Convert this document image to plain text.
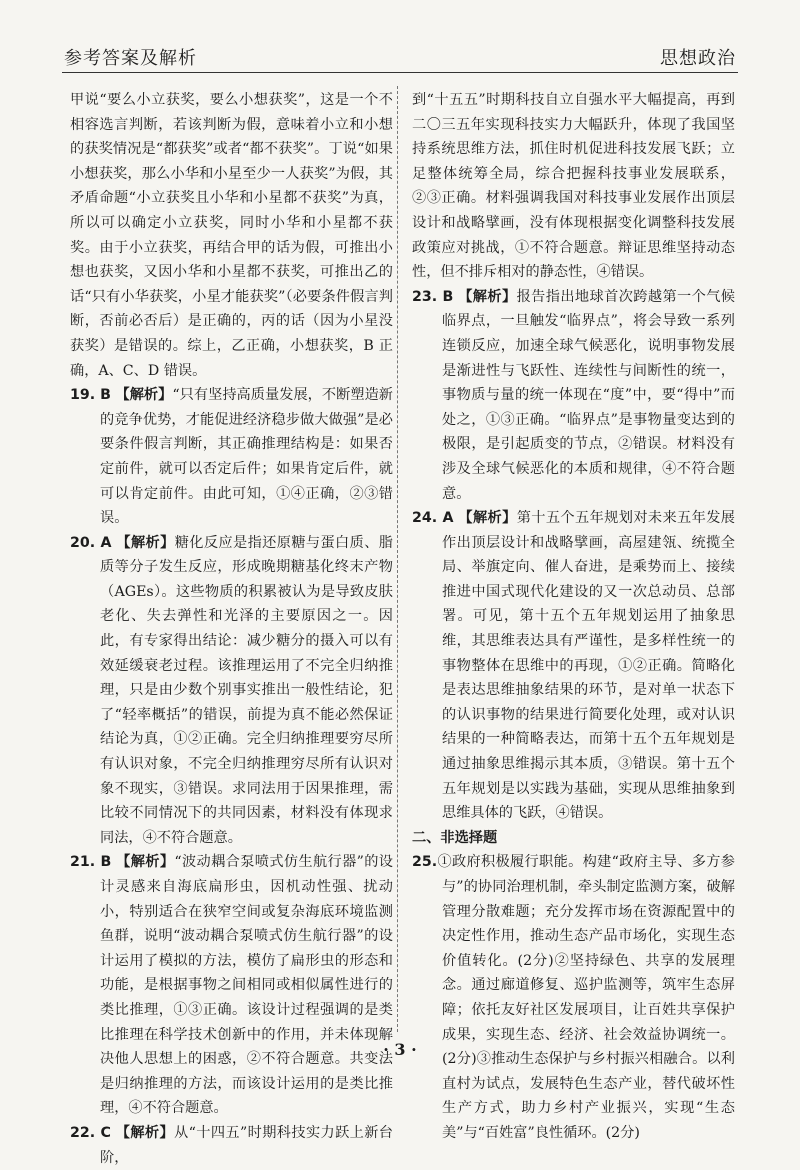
参考答案及解析	思想政治

甲说“要么小立获奖，要么小想获奖”，这是一个不相容选言判断，若该判断为假，意味着小立和小想的获奖情况是“都获奖”或者“都不获奖”。丁说“如果小想获奖，那么小华和小星至少一人获奖”为假，其矛盾命题“小立获奖且小华和小星都不获奖”为真，所以可以确定小立获奖，同时小华和小星都不获奖。由于小立获奖，再结合甲的话为假，可推出小想也获奖，又因小华和小星都不获奖，可推出乙的话“只有小华获奖，小星才能获奖”（必要条件假言判断，否前必否后）是正确的，丙的话（因为小星没获奖）是错误的。综上，乙正确，小想获奖，B 正确，A、C、D 错误。

19. B 【解析】“只有坚持高质量发展，不断塑造新的竞争优势，才能促进经济稳步做大做强”是必要条件假言判断，其正确推理结构是：如果否定前件，就可以否定后件；如果肯定后件，就可以肯定前件。由此可知，①④正确，②③错误。

20. A 【解析】糖化反应是指还原糖与蛋白质、脂质等分子发生反应，形成晚期糖基化终末产物（AGEs）。这些物质的积累被认为是导致皮肤老化、失去弹性和光泽的主要原因之一。因此，有专家得出结论：减少糖分的摄入可以有效延缓衰老过程。该推理运用了不完全归纳推理，只是由少数个别事实推出一般性结论，犯了“轻率概括”的错误，前提为真不能必然保证结论为真，①②正确。完全归纳推理要穷尽所有认识对象，不完全归纳推理穷尽所有认识对象不现实，③错误。求同法用于因果推理，需比较不同情况下的共同因素，材料没有体现求同法，④不符合题意。

21. B 【解析】“波动耦合泵喷式仿生航行器”的设计灵感来自海底扁形虫，因机动性强、扰动小，特别适合在狭窄空间或复杂海底环境监测鱼群，说明“波动耦合泵喷式仿生航行器”的设计运用了模拟的方法，模仿了扁形虫的形态和功能，是根据事物之间相同或相似属性进行的类比推理，①③正确。该设计过程强调的是类比推理在科学技术创新中的作用，并未体现解决他人思想上的困惑，②不符合题意。共变法是归纳推理的方法，而该设计运用的是类比推理，④不符合题意。

22. C 【解析】从“十四五”时期科技实力跃上新台阶，

到“十五五”时期科技自立自强水平大幅提高，再到二〇三五年实现科技实力大幅跃升，体现了我国坚持系统思维方法，抓住时机促进科技发展飞跃；立足整体统筹全局，综合把握科技事业发展联系，②③正确。材料强调我国对科技事业发展作出顶层设计和战略擘画，没有体现根据变化调整科技发展政策应对挑战，①不符合题意。辩证思维坚持动态性，但不排斥相对的静态性，④错误。

23. B 【解析】报告指出地球首次跨越第一个气候临界点，一旦触发“临界点”，将会导致一系列连锁反应，加速全球气候恶化，说明事物发展是渐进性与飞跃性、连续性与间断性的统一，事物质与量的统一体现在“度”中，要“得中”而处之，①③正确。“临界点”是事物量变达到的极限，是引起质变的节点，②错误。材料没有涉及全球气候恶化的本质和规律，④不符合题意。

24. A 【解析】第十五个五年规划对未来五年发展作出顶层设计和战略擘画，高屋建瓴、统揽全局、举旗定向、催人奋进，是乘势而上、接续推进中国式现代化建设的又一次总动员、总部署。可见，第十五个五年规划运用了抽象思维，其思维表达具有严谨性，是多样性统一的事物整体在思维中的再现，①②正确。简略化是表达思维抽象结果的环节，是对单一状态下的认识事物的结果进行简要化处理，或对认识结果的一种简略表达，而第十五个五年规划是通过抽象思维揭示其本质，③错误。第十五个五年规划是以实践为基础，实现从思维抽象到思维具体的飞跃，④错误。

二、非选择题

25.①政府积极履行职能。构建“政府主导、多方参与”的协同治理机制，牵头制定监测方案，破解管理分散难题；充分发挥市场在资源配置中的决定性作用，推动生态产品市场化，实现生态价值转化。(2分)②坚持绿色、共享的发展理念。通过廊道修复、巡护监测等，筑牢生态屏障；依托友好社区发展项目，让百姓共享保护成果，实现生态、经济、社会效益协调统一。(2分)③推动生态保护与乡村振兴相融合。以利直村为试点，发展特色生态产业，替代破坏性生产方式，助力乡村产业振兴，实现“生态美”与“百姓富”良性循环。(2分)

· 3 ·
